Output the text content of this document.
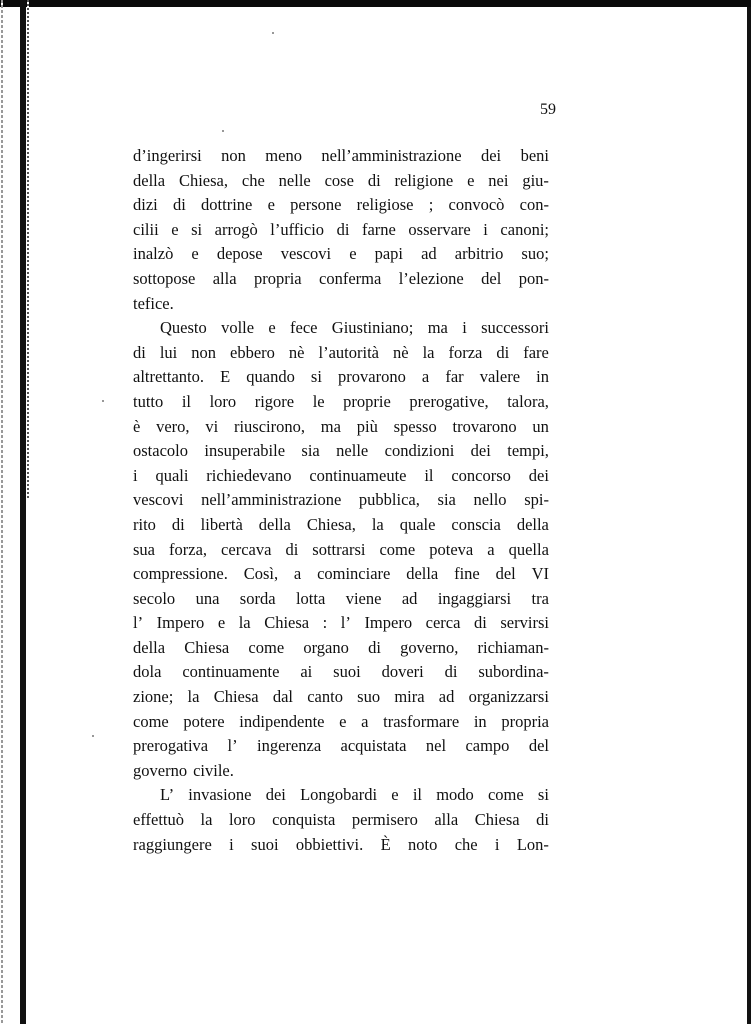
59
d’ingerirsi non meno nell’amministrazione dei beni
della Chiesa, che nelle cose di religione e nei giu-
dizi di dottrine e persone religiose ; convocò con-
cilii e si arrogò l’ufficio di farne osservare i canoni;
inalzò e depose vescovi e papi ad arbitrio suo;
sottopose alla propria conferma l’elezione del pon-
tefice.
Questo volle e fece Giustiniano; ma i successori
di lui non ebbero nè l’autorità nè la forza di fare
altrettanto. E quando si provarono a far valere in
tutto il loro rigore le proprie prerogative, talora,
è vero, vi riuscirono, ma più spesso trovarono un
ostacolo insuperabile sia nelle condizioni dei tempi,
i quali richiedevano continuameute il concorso dei
vescovi nell’amministrazione pubblica, sia nello spi-
rito di libertà della Chiesa, la quale conscia della
sua forza, cercava di sottrarsi come poteva a quella
compressione. Così, a cominciare della fine del VI
secolo una sorda lotta viene ad ingaggiarsi tra
l’ Impero e la Chiesa : l’ Impero cerca di servirsi
della Chiesa come organo di governo, richiaman-
dola continuamente ai suoi doveri di subordina-
zione; la Chiesa dal canto suo mira ad organizzarsi
come potere indipendente e a trasformare in propria
prerogativa l’ ingerenza acquistata nel campo del
governo civile.
L’ invasione dei Longobardi e il modo come si
effettuò la loro conquista permisero alla Chiesa di
raggiungere i suoi obbiettivi. È noto che i Lon-
